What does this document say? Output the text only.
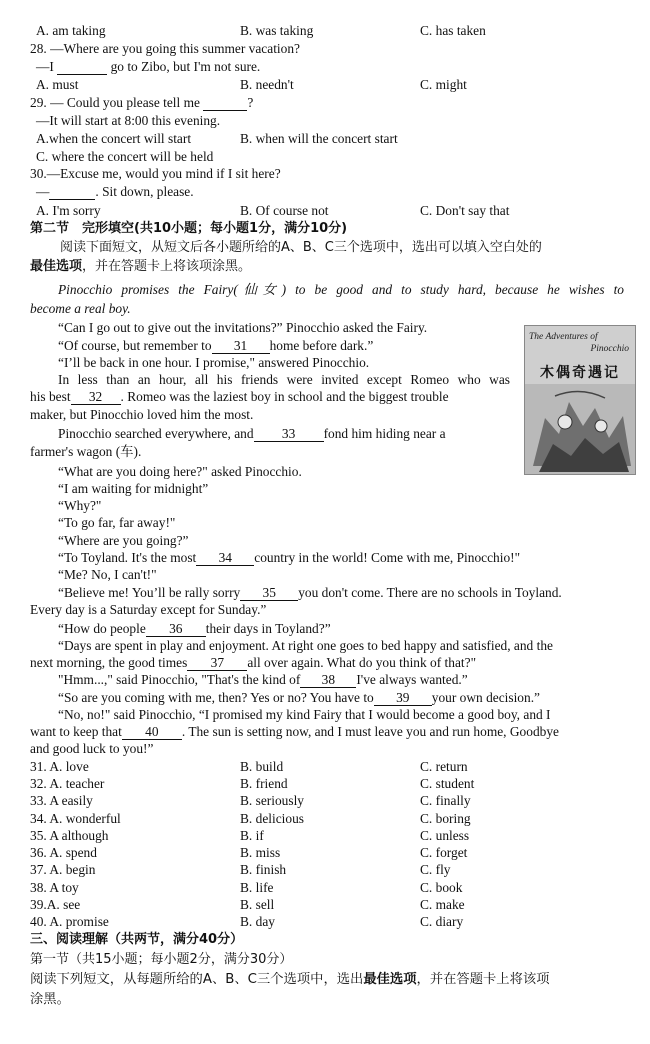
A. am taking	B. was taking	C. has taken
28. —Where are you going this summer vacation?
—I	go to Zibo, but I'm not sure.
A. must	B. needn't	C. might
29. — Could you please tell me	?
—It will start at 8:00 this evening.
A.when the concert will start	B. when will the concert start
C. where the concert will be held
30.—Excuse me, would you mind if I sit here?
—	. Sit down, please.
A. I'm sorry	B. Of course not	C. Don't say that
第二节　完形填空(共10小题；每小题1分，满分10分)
阅读下面短文，从短文后各小题所给的A、B、C三个选项中，选出可以填入空白处的
最佳选项，并在答题卡上将该项涂黑。
Pinocchio promises the Fairy(仙女) to be good and to study hard, because he wishes to
become a real boy.
“Can I go out to give out the invitations?” Pinocchio asked the Fairy.
“Of course, but remember to 31 home before dark.”
“I’ll be back in one hour. I promise," answered Pinocchio.
In less than an hour, all his friends were invited except Romeo who was
his best 32 . Romeo was the laziest boy in school and the biggest trouble
maker, but Pinocchio loved him the most.
Pinocchio searched everywhere, and 33 fond him hiding near a
farmer's wagon (车).
“What are you doing here?" asked Pinocchio.
“I am waiting for midnight”
“Why?"
“To go far, far away!"
“Where are you going?”
“To Toyland. It's the most 34 country in the world! Come with me, Pinocchio!"
“Me? No, I can't!"
“Believe me! You’ll be rally sorry 35 you don't come. There are no schools in Toyland.
Every day is a Saturday except for Sunday.”
“How do people 36 their days in Toyland?”
“Days are spent in play and enjoyment. At right one goes to bed happy and satisfied, and the
next morning, the good times 37 all over again. What do you think of that?"
"Hmm...," said Pinocchio, "That's the kind of 38 I've always wanted.”
“So are you coming with me, then? Yes or no? You have to 39 your own decision.”
“No, no!" said Pinocchio, “I promised my kind Fairy that I would become a good boy, and I
want to keep that 40 . The sun is setting now, and I must leave you and run home, Goodbye
and good luck to you!”
The Adventures of
Pinocchio
木偶奇遇记
31. A. love	B. build	C. return
32. A. teacher	B. friend	C. student
33. A easily	B. seriously	C. finally
34. A. wonderful	B. delicious	C. boring
35. A although	B. if	C. unless
36. A. spend	B. miss	C. forget
37. A. begin	B. finish	C. fly
38. A toy	B. life	C. book
39.A. see	B. sell	C. make
40. A. promise	B. day	C. diary
三、阅读理解（共两节，满分40分）
第一节（共15小题；每小题2分，满分30分）
阅读下列短文，从每题所给的A、B、C三个选项中，选出最佳选项，并在答题卡上将该项
涂黑。
